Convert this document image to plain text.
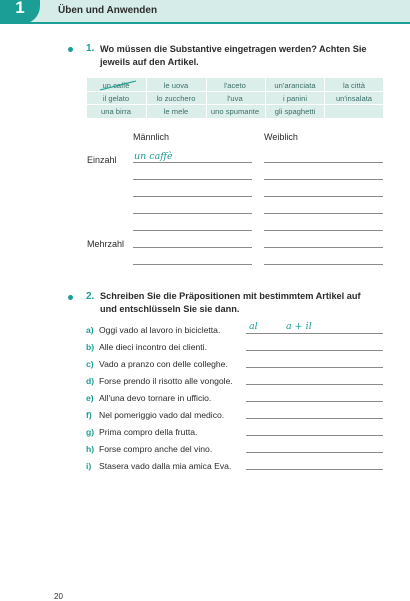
1	Üben und Anwenden
1. Wo müssen die Substantive eingetragen werden? Achten Sie jeweils auf den Artikel.
un caffè	le uova	l'aceto	un'aranciata	la città
il gelato	lo zucchero	l'uva	i panini	un'insalata
una birra	le mele	uno spumante	gli spaghetti
Männlich	Weiblich
Einzahl
Mehrzahl
un caffè
2. Schreiben Sie die Präpositionen mit bestimmtem Artikel auf und entschlüsseln Sie sie dann.
a) Oggi vado al lavoro in bicicletta.
b) Alle dieci incontro dei clienti.
c) Vado a pranzo con delle colleghe.
d) Forse prendo il risotto alle vongole.
e) All'una devo tornare in ufficio.
f) Nel pomeriggio vado dal medico.
g) Prima compro della frutta.
h) Forse compro anche del vino.
i) Stasera vado dalla mia amica Eva.
al	a + il
20
